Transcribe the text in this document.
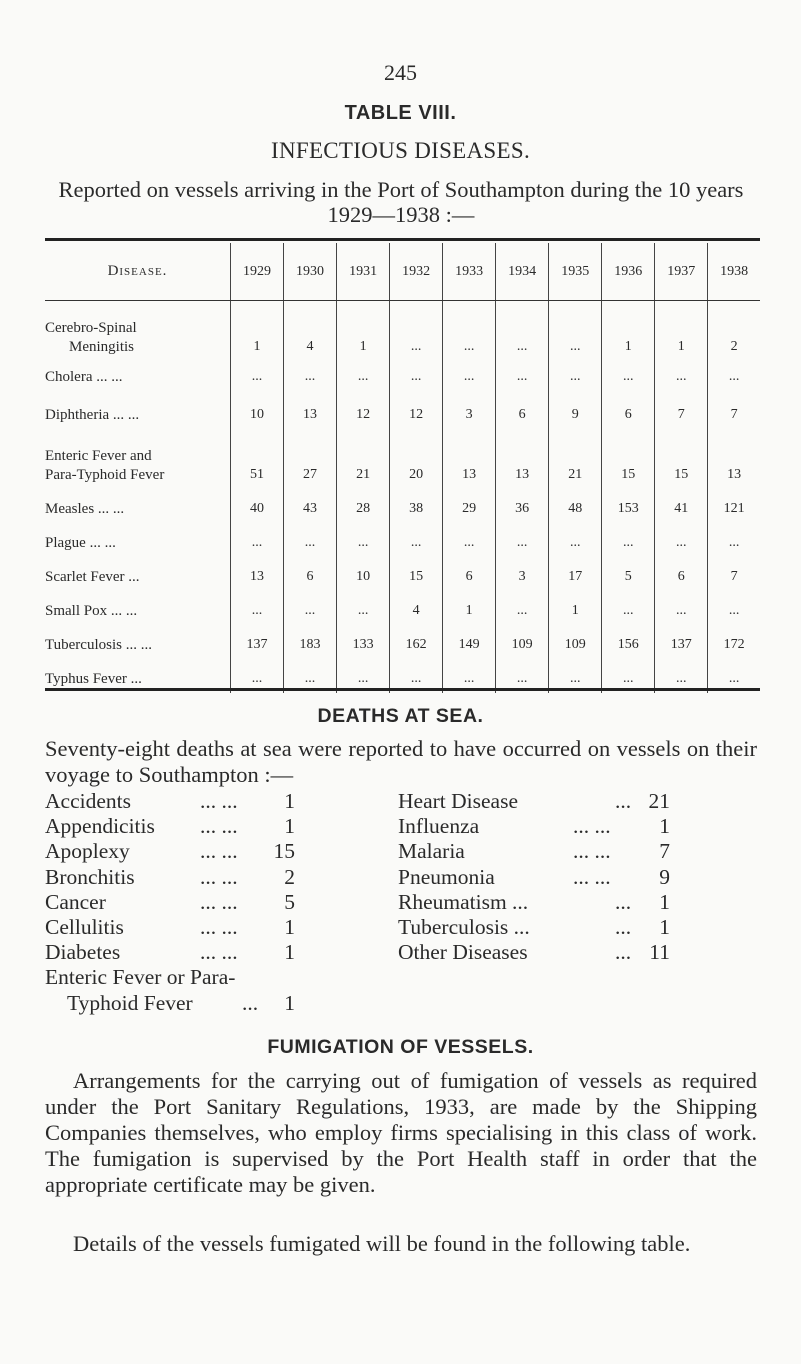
245
TABLE VIII.
INFECTIOUS DISEASES.
Reported on vessels arriving in the Port of Southampton during the 10 years 1929—1938 :—
Disease.	1929	1930	1931	1932	1933	1934	1935	1936	1937	1938

Cerebro-Spinal
Meningitis	1	4	1	...	...	...	...	1	1	2

Cholera ... ...	...	...	...	...	...	...	...	...	...	...

Diphtheria ... ...	10	13	12	12	3	6	9	6	7	7

Enteric Fever and
Para-Typhoid Fever	51	27	21	20	13	13	21	15	15	13

Measles ... ...	40	43	28	38	29	36	48	153	41	121

Plague ... ...	...	...	...	...	...	...	...	...	...	...

Scarlet Fever ...	13	6	10	15	6	3	17	5	6	7

Small Pox ... ...	...	...	...	4	1	...	1	...	...	...

Tuberculosis ... ...	137	183	133	162	149	109	109	156	137	172

Typhus Fever ...	...	...	...	...	...	...	...	...	...	...
DEATHS AT SEA.
Seventy-eight deaths at sea were reported to have occurred on vessels on their voyage to Southampton :—
Accidents	... ...	1
Appendicitis ... ...	1
Apoplexy	... ...	15
Bronchitis	... ...	2
Cancer	... ...	5
Cellulitis	... ...	1
Diabetes	... ...	1
Enteric Fever or Para-
Typhoid Fever ...	1
Heart Disease	... 21
Influenza	... ...	1
Malaria	... ...	7
Pneumonia	... ...	9
Rheumatism ...	...	1
Tuberculosis ...	...	1
Other Diseases	... 11
FUMIGATION OF VESSELS.
Arrangements for the carrying out of fumigation of vessels as required under the Port Sanitary Regulations, 1933, are made by the Shipping Companies themselves, who employ firms specialising in this class of work. The fumigation is supervised by the Port Health staff in order that the appropriate certificate may be given.
Details of the vessels fumigated will be found in the following table.
